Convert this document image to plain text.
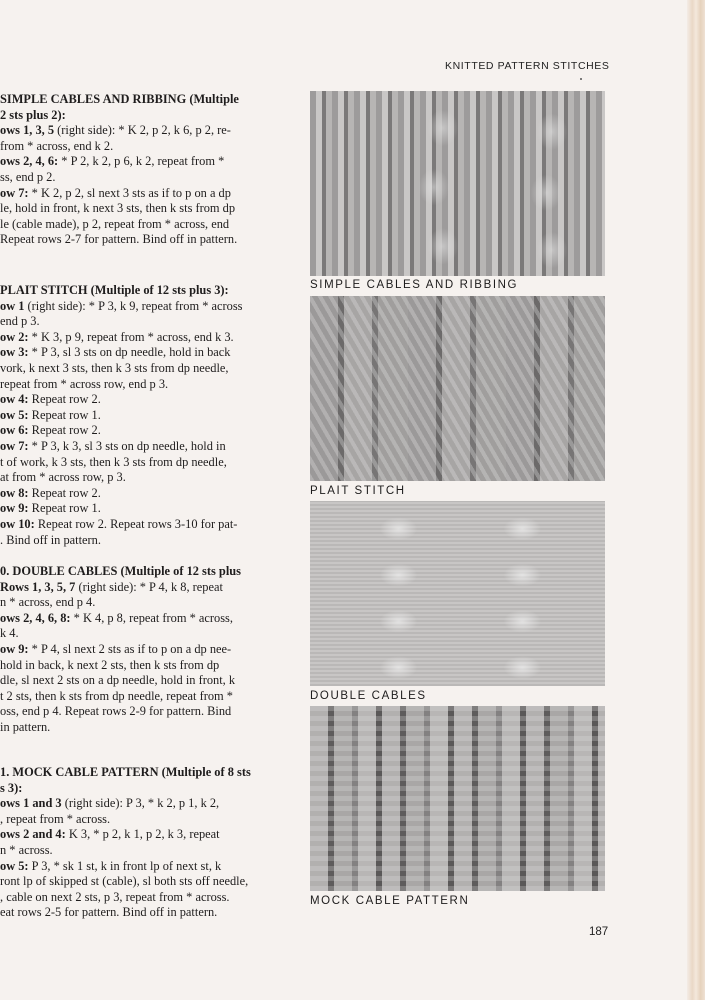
KNITTED PATTERN STITCHES

SIMPLE CABLES AND RIBBING (Multiple

2 sts plus 2):

ows 1, 3, 5 (right side): * K 2, p 2, k 6, p 2, re-

from * across, end k 2.

ows 2, 4, 6: * P 2, k 2, p 6, k 2, repeat from *

ss, end p 2.

ow 7: * K 2, p 2, sl next 3 sts as if to p on a dp

le, hold in front, k next 3 sts, then k sts from dp

le (cable made), p 2, repeat from * across, end

Repeat rows 2-7 for pattern. Bind off in pattern.

PLAIT STITCH (Multiple of 12 sts plus 3):

ow 1 (right side): * P 3, k 9, repeat from * across

end p 3.

ow 2: * K 3, p 9, repeat from * across, end k 3.

ow 3: * P 3, sl 3 sts on dp needle, hold in back

vork, k next 3 sts, then k 3 sts from dp needle,

repeat from * across row, end p 3.

ow 4: Repeat row 2.

ow 5: Repeat row 1.

ow 6: Repeat row 2.

ow 7: * P 3, k 3, sl 3 sts on dp needle, hold in

t of work, k 3 sts, then k 3 sts from dp needle,

at from * across row, p 3.

ow 8: Repeat row 2.

ow 9: Repeat row 1.

ow 10: Repeat row 2. Repeat rows 3-10 for pat-

. Bind off in pattern.

0. DOUBLE CABLES (Multiple of 12 sts plus

Rows 1, 3, 5, 7 (right side): * P 4, k 8, repeat

n * across, end p 4.

ows 2, 4, 6, 8: * K 4, p 8, repeat from * across,

k 4.

ow 9: * P 4, sl next 2 sts as if to p on a dp nee-

hold in back, k next 2 sts, then k sts from dp

dle, sl next 2 sts on a dp needle, hold in front, k

t 2 sts, then k sts from dp needle, repeat from *

oss, end p 4. Repeat rows 2-9 for pattern. Bind

in pattern.

1. MOCK CABLE PATTERN (Multiple of 8 sts

s 3):

ows 1 and 3 (right side): P 3, * k 2, p 1, k 2,

, repeat from * across.

ows 2 and 4: K 3, * p 2, k 1, p 2, k 3, repeat

n * across.

ow 5: P 3, * sk 1 st, k in front lp of next st, k

ront lp of skipped st (cable), sl both sts off needle,

, cable on next 2 sts, p 3, repeat from * across.

eat rows 2-5 for pattern. Bind off in pattern.

SIMPLE CABLES AND RIBBING
PLAIT STITCH
DOUBLE CABLES
MOCK CABLE PATTERN
187
